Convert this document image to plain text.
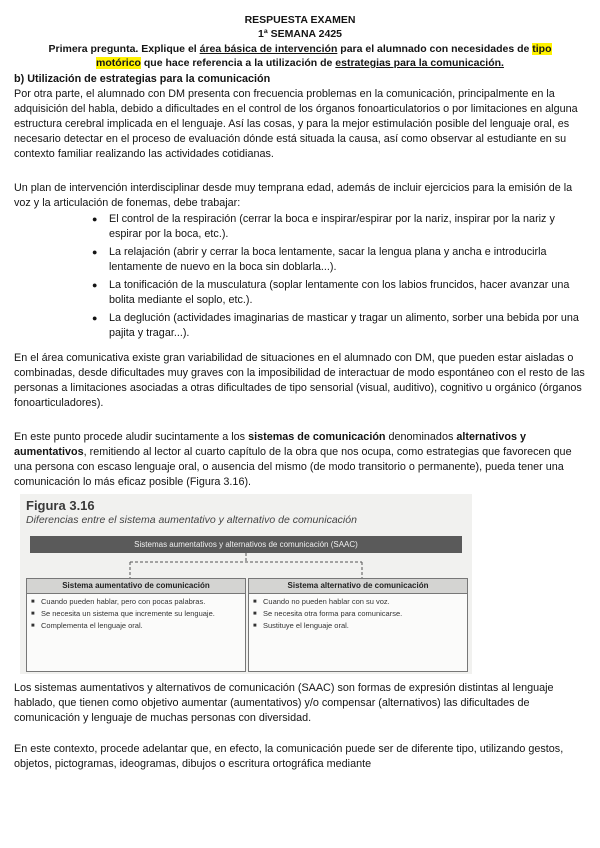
RESPUESTA EXAMEN
1ª SEMANA 2425
Primera pregunta. Explique el área básica de intervención para el alumnado con necesidades de tipo
motórico que hace referencia a la utilización de estrategias para la comunicación.
b) Utilización de estrategias para la comunicación
Por otra parte, el alumnado con DM presenta con frecuencia problemas en la comunicación, principalmente en la adquisición del habla, debido a dificultades en el control de los órganos fonoarticulatorios o por limitaciones en alguna estructura cerebral implicada en el lenguaje. Así las cosas, y para la mejor estimulación posible del lenguaje oral, es necesario detectar en el proceso de evaluación dónde está situada la causa, así como observar al estudiante en su contexto familiar realizando las actividades cotidianas.
Un plan de intervención interdisciplinar desde muy temprana edad, además de incluir ejercicios para la emisión de la voz y la articulación de fonemas, debe trabajar:
● El control de la respiración (cerrar la boca e inspirar/espirar por la nariz, inspirar por la nariz y espirar por la boca, etc.).
● La relajación (abrir y cerrar la boca lentamente, sacar la lengua plana y ancha e introducirla lentamente de nuevo en la boca sin doblarla...).
● La tonificación de la musculatura (soplar lentamente con los labios fruncidos, hacer avanzar una bolita mediante el soplo, etc.).
● La deglución (actividades imaginarias de masticar y tragar un alimento, sorber una bebida por una pajita y tragar...).
En el área comunicativa existe gran variabilidad de situaciones en el alumnado con DM, que pueden estar aisladas o combinadas, desde dificultades muy graves con la imposibilidad de interactuar de modo espontáneo con el resto de las personas a limitaciones asociadas a otras dificultades de tipo sensorial (visual, auditivo), cognitivo u orgánico (órganos fonoarticuladores).
En este punto procede aludir sucintamente a los sistemas de comunicación denominados alternativos y aumentativos, remitiendo al lector al cuarto capítulo de la obra que nos ocupa, como estrategias que favorecen que una persona con escaso lenguaje oral, o ausencia del mismo (de modo transitorio o permanente), pueda tener una comunicación lo más eficaz posible (Figura 3.16).
Figura 3.16
Diferencias entre el sistema aumentativo y alternativo de comunicación
Sistemas aumentativos y alternativos de comunicación (SAAC)
Sistema aumentativo de comunicación
■ Cuando pueden hablar, pero con pocas palabras.
■ Se necesita un sistema que incremente su lenguaje.
■ Complementa el lenguaje oral.
Sistema alternativo de comunicación
■ Cuando no pueden hablar con su voz.
■ Se necesita otra forma para comunicarse.
■ Sustituye el lenguaje oral.
Los sistemas aumentativos y alternativos de comunicación (SAAC) son formas de expresión distintas al lenguaje hablado, que tienen como objetivo aumentar (aumentativos) y/o compensar (alternativos) las dificultades de comunicación y lenguaje de muchas personas con diversidad.
En este contexto, procede adelantar que, en efecto, la comunicación puede ser de diferente tipo, utilizando gestos, objetos, pictogramas, ideogramas, dibujos o escritura ortográfica mediante
